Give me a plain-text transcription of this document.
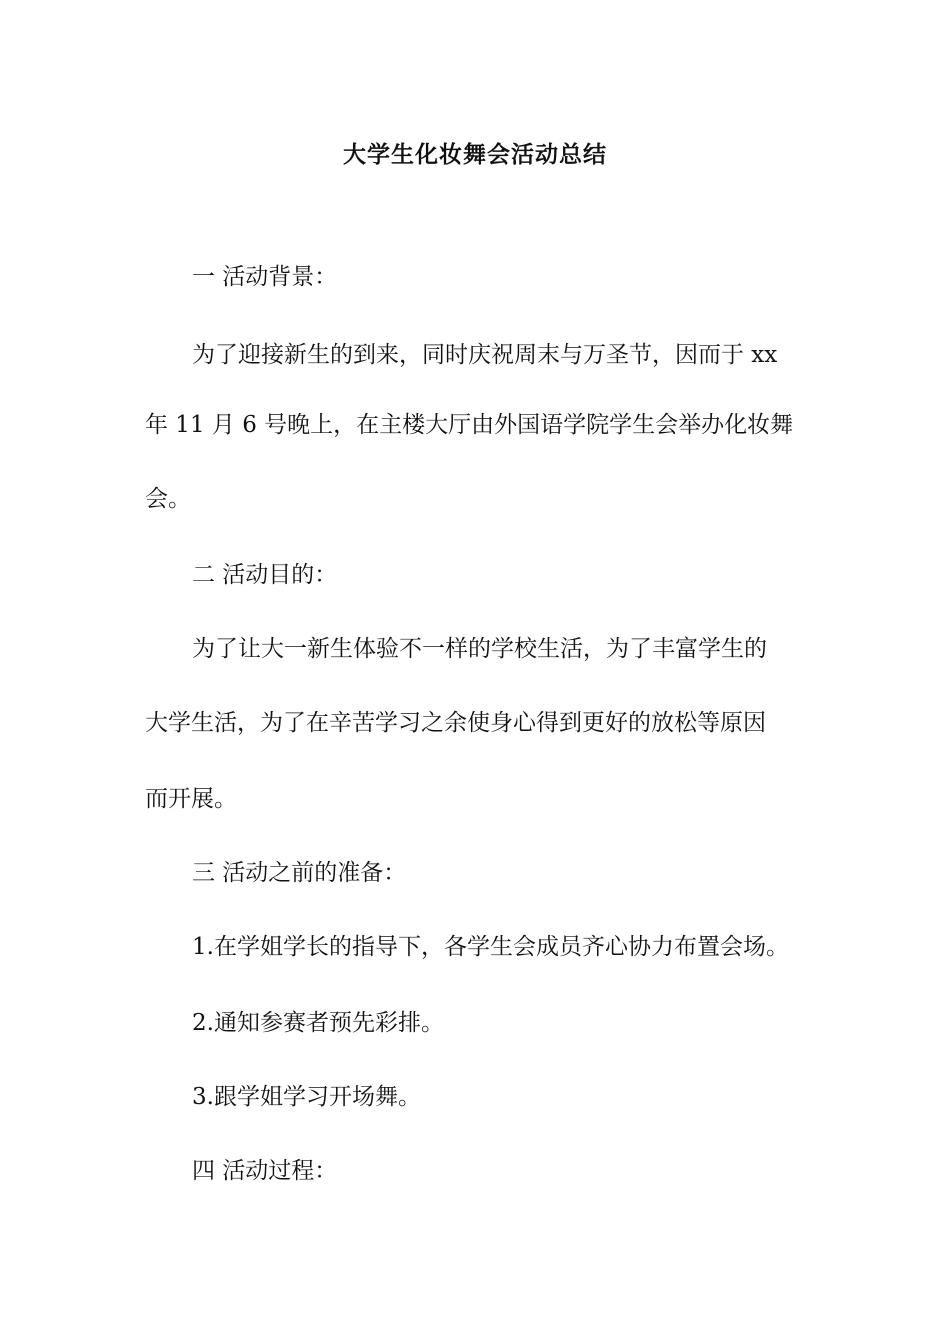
大学生化妆舞会活动总结
一 活动背景：
为了迎接新生的到来，同时庆祝周末与万圣节，因而于 xx
年 11 月 6 号晚上，在主楼大厅由外国语学院学生会举办化妆舞
会。
二 活动目的：
为了让大一新生体验不一样的学校生活，为了丰富学生的
大学生活，为了在辛苦学习之余使身心得到更好的放松等原因
而开展。
三 活动之前的准备：
1.在学姐学长的指导下，各学生会成员齐心协力布置会场。
2.通知参赛者预先彩排。
3.跟学姐学习开场舞。
四 活动过程：
